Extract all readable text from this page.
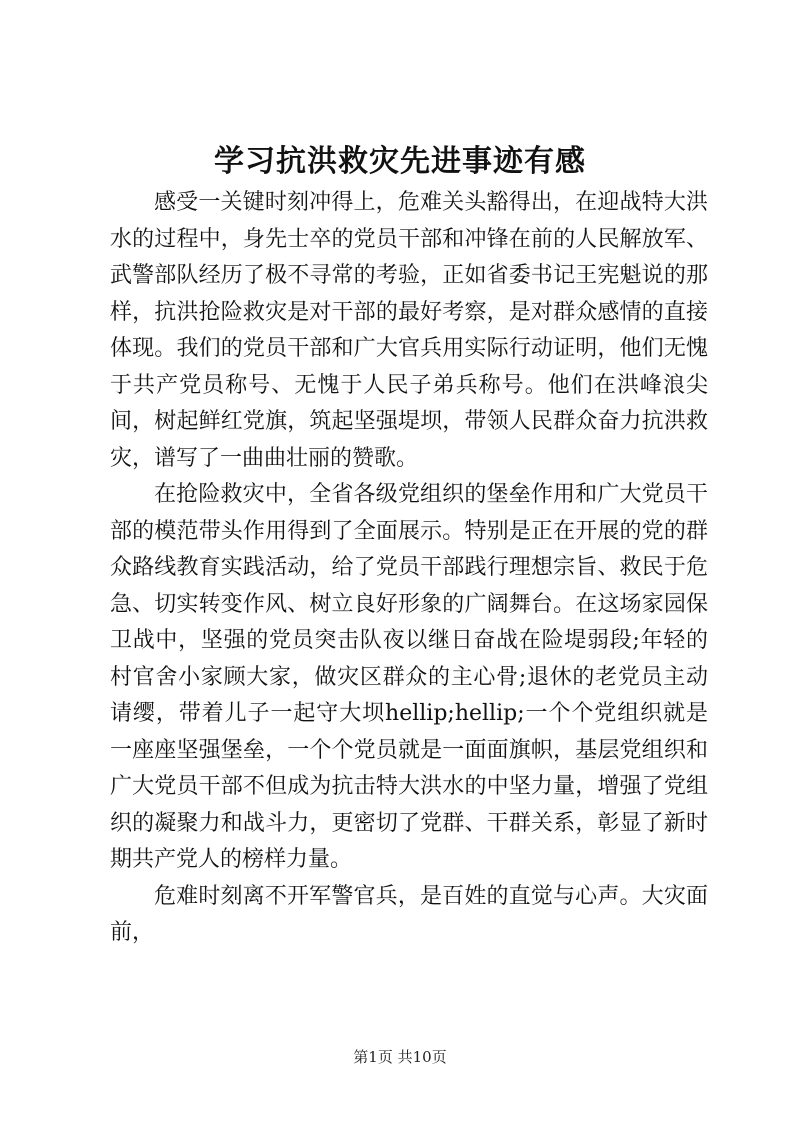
学习抗洪救灾先进事迹有感

感受一关键时刻冲得上，危难关头豁得出，在迎战特大洪水的过程中，身先士卒的党员干部和冲锋在前的人民解放军、武警部队经历了极不寻常的考验，正如省委书记王宪魁说的那样，抗洪抢险救灾是对干部的最好考察，是对群众感情的直接体现。我们的党员干部和广大官兵用实际行动证明，他们无愧于共产党员称号、无愧于人民子弟兵称号。他们在洪峰浪尖间，树起鲜红党旗，筑起坚强堤坝，带领人民群众奋力抗洪救灾，谱写了一曲曲壮丽的赞歌。

在抢险救灾中，全省各级党组织的堡垒作用和广大党员干部的模范带头作用得到了全面展示。特别是正在开展的党的群众路线教育实践活动，给了党员干部践行理想宗旨、救民于危急、切实转变作风、树立良好形象的广阔舞台。在这场家园保卫战中，坚强的党员突击队夜以继日奋战在险堤弱段;年轻的村官舍小家顾大家，做灾区群众的主心骨;退休的老党员主动请缨，带着儿子一起守大坝hellip;hellip;一个个党组织就是一座座坚强堡垒，一个个党员就是一面面旗帜，基层党组织和广大党员干部不但成为抗击特大洪水的中坚力量，增强了党组织的凝聚力和战斗力，更密切了党群、干群关系，彰显了新时期共产党人的榜样力量。

危难时刻离不开军警官兵，是百姓的直觉与心声。大灾面前，

第1页 共10页
